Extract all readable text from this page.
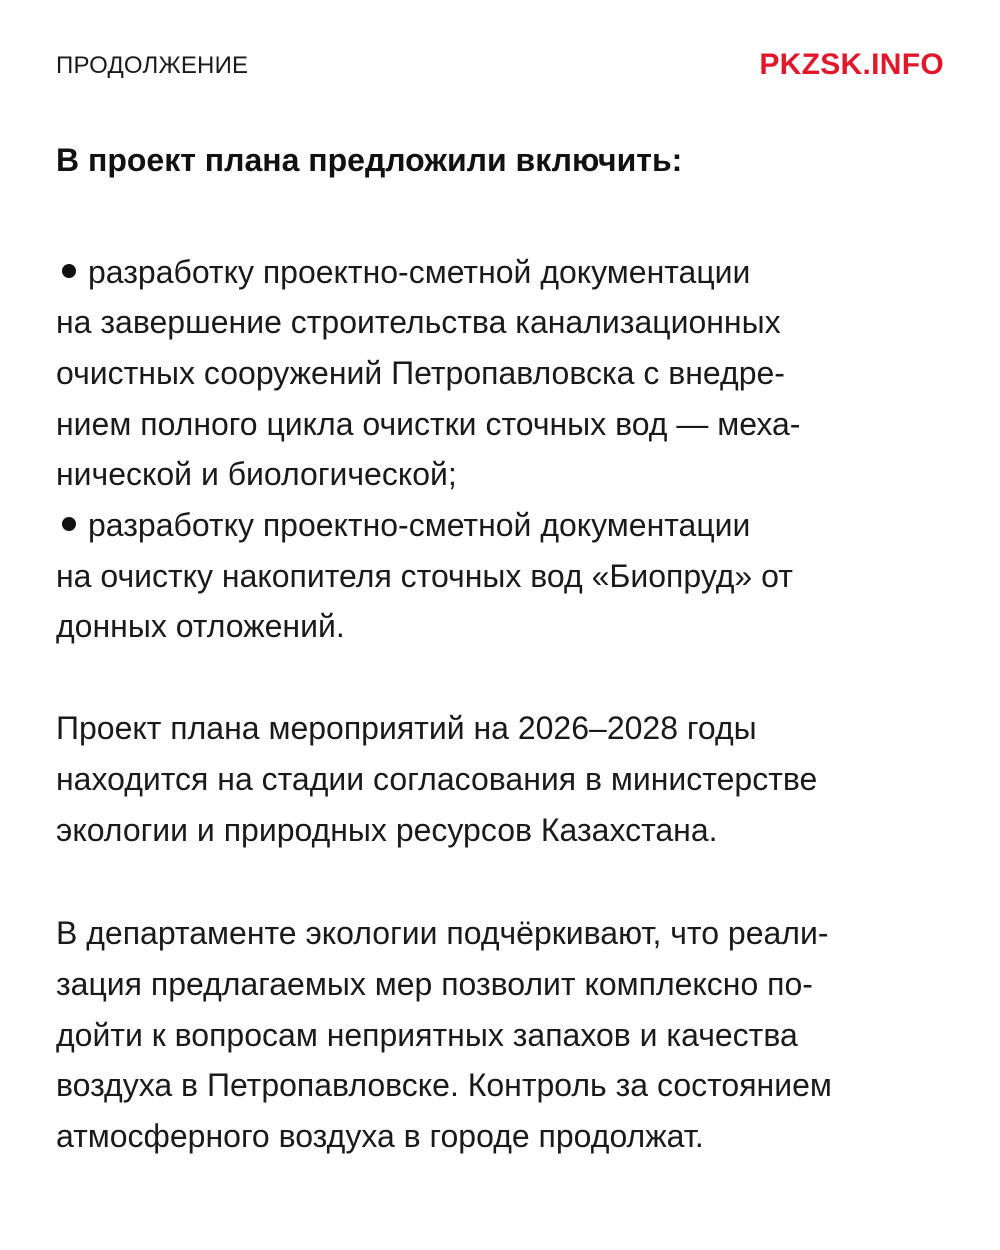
ПРОДОЛЖЕНИЕ	PKZSK.INFO
В проект плана предложили включить:
разработку проектно-сметной документации
на завершение строительства канализационных
очистных сооружений Петропавловска с внедре-
нием полного цикла очистки сточных вод — меха-
нической и биологической;
разработку проектно-сметной документации
на очистку накопителя сточных вод «Биопруд» от
донных отложений.
Проект плана мероприятий на 2026–2028 годы
находится на стадии согласования в министерстве
экологии и природных ресурсов Казахстана.
В департаменте экологии подчёркивают, что реали-
зация предлагаемых мер позволит комплексно по-
дойти к вопросам неприятных запахов и качества
воздуха в Петропавловске. Контроль за состоянием
атмосферного воздуха в городе продолжат.
